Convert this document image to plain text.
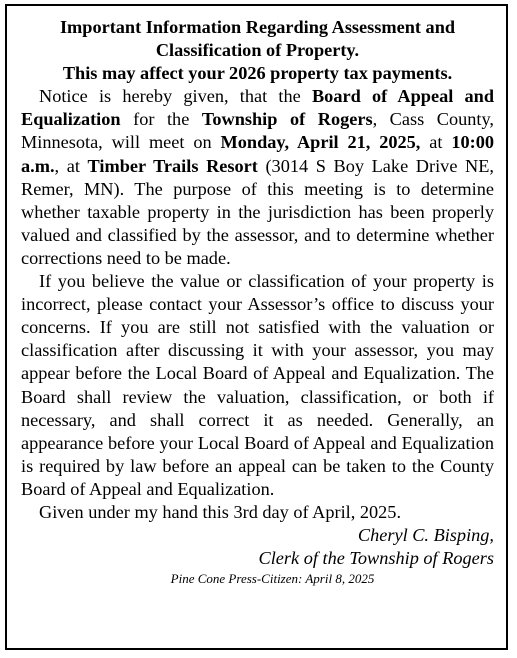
Important Information Regarding Assessment and Classification of Property.
This may affect your 2026 property tax payments.
Notice is hereby given, that the Board of Appeal and Equalization for the Township of Rogers, Cass County, Minnesota, will meet on Monday, April 21, 2025, at 10:00 a.m., at Timber Trails Resort (3014 S Boy Lake Drive NE, Remer, MN). The purpose of this meeting is to determine whether taxable property in the jurisdiction has been properly valued and classified by the assessor, and to determine whether corrections need to be made.
If you believe the value or classification of your property is incorrect, please contact your Assessor’s office to discuss your concerns. If you are still not satisfied with the valuation or classification after discussing it with your assessor, you may appear before the Local Board of Appeal and Equalization. The Board shall review the valuation, classification, or both if necessary, and shall correct it as needed. Generally, an appearance before your Local Board of Appeal and Equalization is required by law before an appeal can be taken to the County Board of Appeal and Equalization.
Given under my hand this 3rd day of April, 2025.
Cheryl C. Bisping,
Clerk of the Township of Rogers
Pine Cone Press-Citizen: April 8, 2025
